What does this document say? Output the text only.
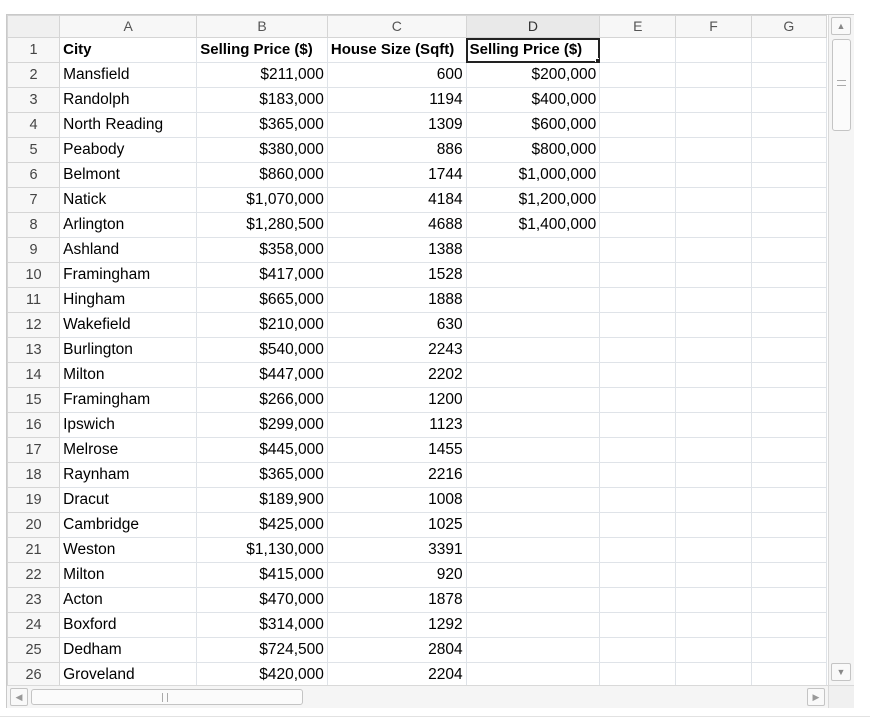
	A	B	C	D	E	F	G
1	City	Selling Price ($)	House Size (Sqft)	Selling Price ($)			
2	Mansfield	$211,000	600	$200,000			
3	Randolph	$183,000	1194	$400,000			
4	North Reading	$365,000	1309	$600,000			
5	Peabody	$380,000	886	$800,000			
6	Belmont	$860,000	1744	$1,000,000			
7	Natick	$1,070,000	4184	$1,200,000			
8	Arlington	$1,280,500	4688	$1,400,000			
9	Ashland	$358,000	1388				
10	Framingham	$417,000	1528				
11	Hingham	$665,000	1888				
12	Wakefield	$210,000	630				
13	Burlington	$540,000	2243				
14	Milton	$447,000	2202				
15	Framingham	$266,000	1200				
16	Ipswich	$299,000	1123				
17	Melrose	$445,000	1455				
18	Raynham	$365,000	2216				
19	Dracut	$189,900	1008				
20	Cambridge	$425,000	1025				
21	Weston	$1,130,000	3391				
22	Milton	$415,000	920				
23	Acton	$470,000	1878				
24	Boxford	$314,000	1292				
25	Dedham	$724,500	2804				
26	Groveland	$420,000	2204				
▲
▼
◀	▶
